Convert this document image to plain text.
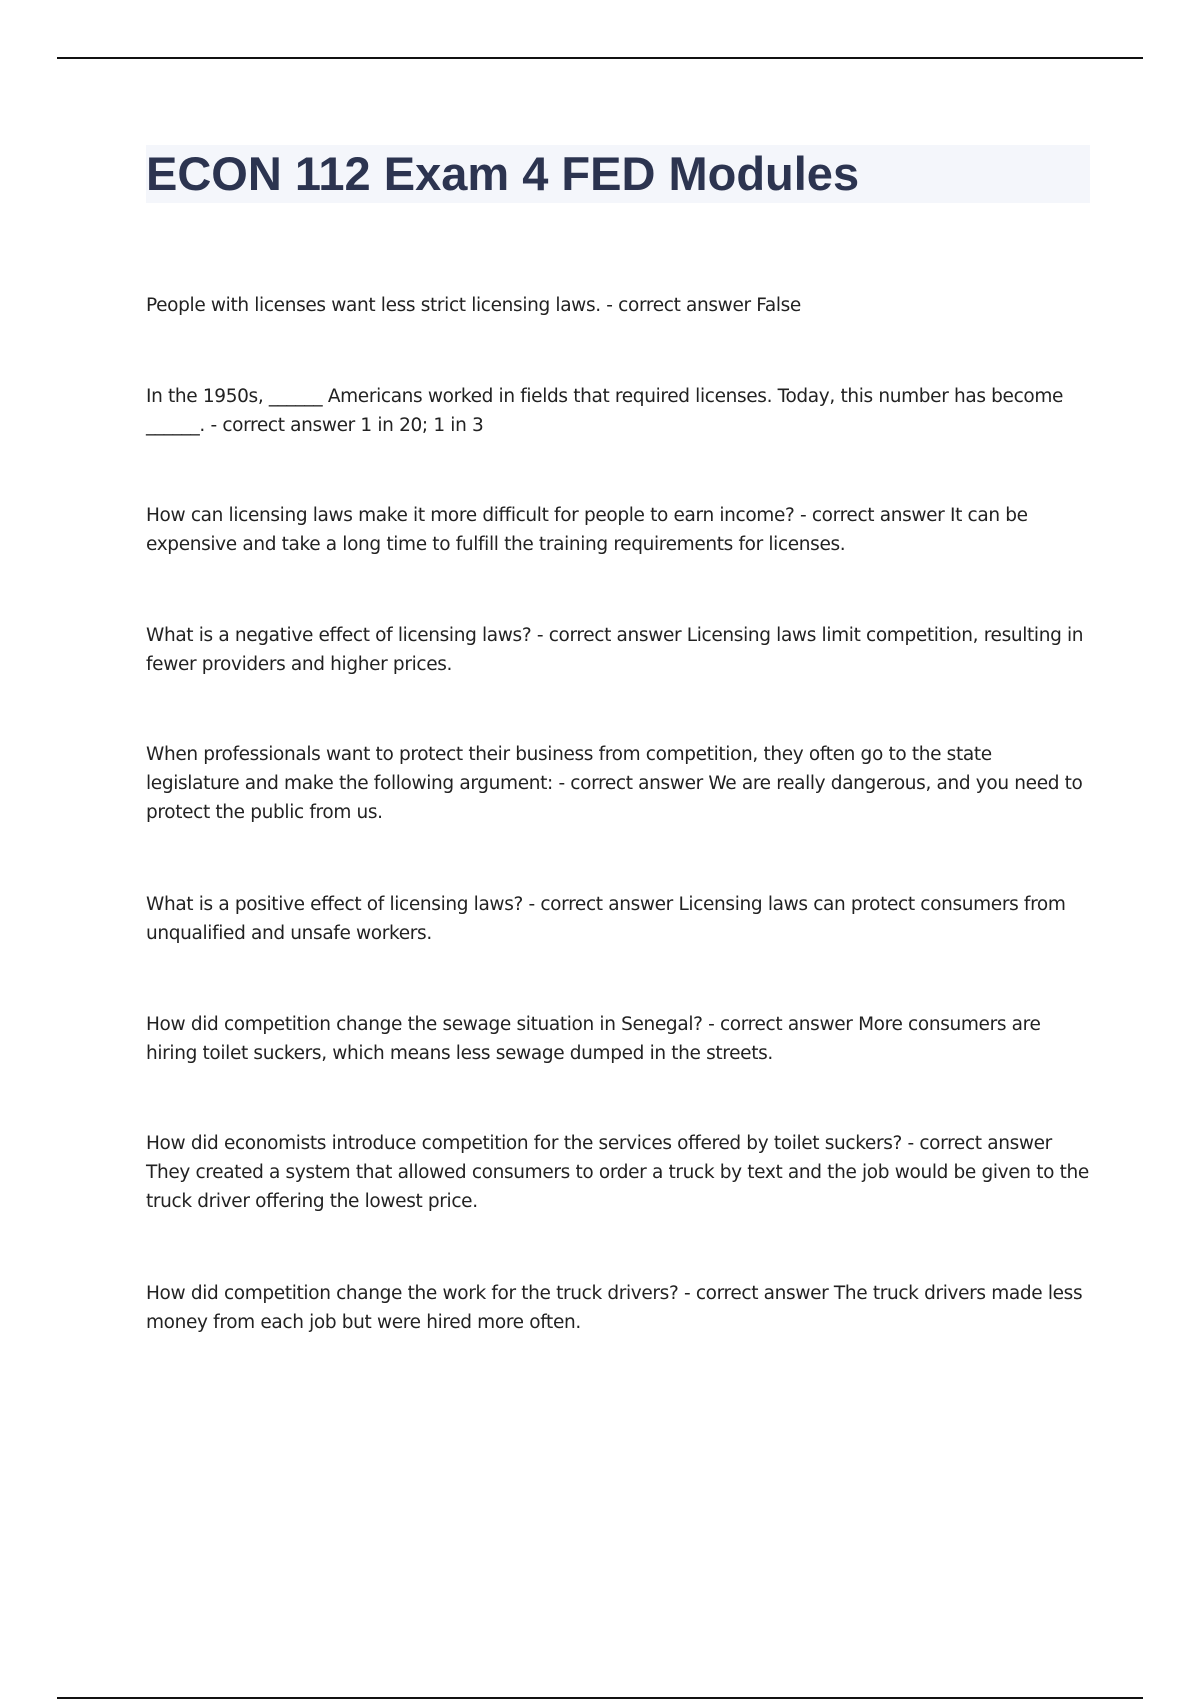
ECON 112 Exam 4 FED Modules

People with licenses want less strict licensing laws. - correct answer False

In the 1950s, ______ Americans worked in fields that required licenses. Today, this number has become ______. - correct answer 1 in 20; 1 in 3

How can licensing laws make it more difficult for people to earn income? - correct answer It can be expensive and take a long time to fulfill the training requirements for licenses.

What is a negative effect of licensing laws? - correct answer Licensing laws limit competition, resulting in fewer providers and higher prices.

When professionals want to protect their business from competition, they often go to the state legislature and make the following argument: - correct answer We are really dangerous, and you need to protect the public from us.

What is a positive effect of licensing laws? - correct answer Licensing laws can protect consumers from unqualified and unsafe workers.

How did competition change the sewage situation in Senegal? - correct answer More consumers are hiring toilet suckers, which means less sewage dumped in the streets.

How did economists introduce competition for the services offered by toilet suckers? - correct answer They created a system that allowed consumers to order a truck by text and the job would be given to the truck driver offering the lowest price.

How did competition change the work for the truck drivers? - correct answer The truck drivers made less money from each job but were hired more often.
